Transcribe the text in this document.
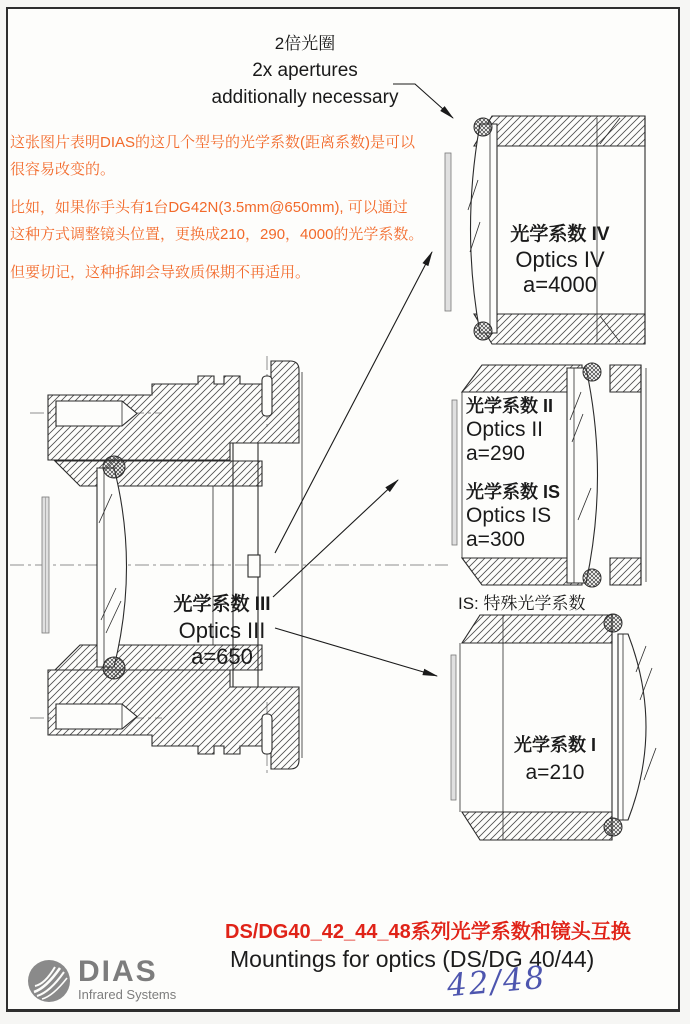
2倍光圈
2x apertures
additionally necessary
这张图片表明DIAS的这几个型号的光学系数(距离系数)是可以
很容易改变的。
比如，如果你手头有1台DG42N(3.5mm@650mm), 可以通过
这种方式调整镜头位置，更换成210，290，4000的光学系数。
但要切记，这种拆卸会导致质保期不再适用。
光学系数 IV
Optics IV
a=4000
光学系数 II
Optics II
a=290
光学系数 IS
Optics IS
a=300
IS: 特殊光学系数
光学系数 I
a=210
光学系数 III
Optics III
a=650
DS/DG40_42_44_48系列光学系数和镜头互换
Mountings for optics (DS/DG 40/44)
42/48
DIAS
Infrared Systems
